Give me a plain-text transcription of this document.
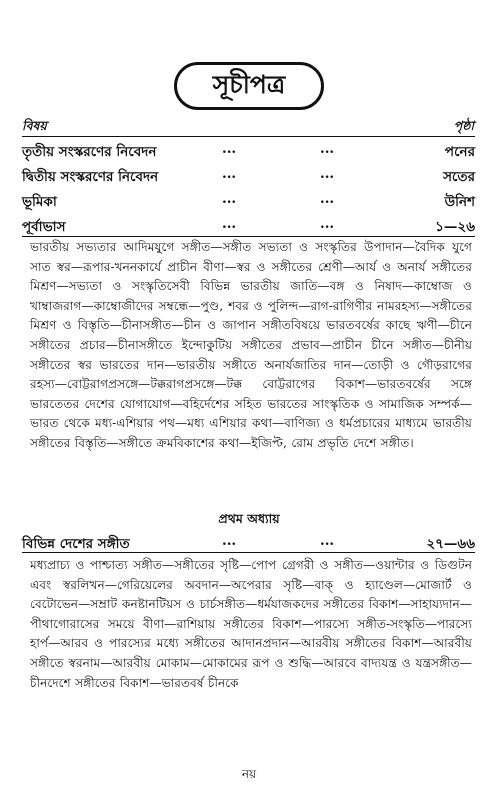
সূচীপত্র
বিষয়	পৃষ্ঠা
তৃতীয় সংস্করণের নিবেদন	...	...	পনের
দ্বিতীয় সংস্করণের নিবেদন	...	...	সতের
ভূমিকা	...	...	উনিশ
পূর্বাভাস	...	...	১—২৬
ভারতীয় সভ্যতার আদিমযুগে সঙ্গীত—সঙ্গীত সভ্যতা ও সংস্কৃতির উপাদান—বৈদিক যুগে সাত স্বর—রূপার-খননকার্যে প্রাচীন বীণা—স্বর ও সঙ্গীতের শ্রেণী—আর্য ও অনার্য সঙ্গীতের মিশ্রণ—সভ্যতা ও সংস্কৃতিসেবী বিভিন্ন ভারতীয় জাতি—বঙ্গ ও নিষাদ—কাম্বোজ ও খাম্বাজরাগ—কাম্বোজীদের সম্বন্ধে—পুণ্ড, শবর ও পুলিন্দ—রাগ-রাগিণীর নামরহস্য—সঙ্গীতের মিশ্রণ ও বিস্তৃতি—চীনাসঙ্গীত—চীন ও জাপান সঙ্গীতবিষয়ে ভারতবর্ষের কাছে ঋণী—চীনে সঙ্গীতের প্রচার—চীনাসঙ্গীতে ইন্দোকুটিয় সঙ্গীতের প্রভাব—প্রাচীন চীনে সঙ্গীত—চীনীয় সঙ্গীতের স্বর ভারতের দান—ভারতীয় সঙ্গীতে অনার্যজাতির দান—তোড়ী ও গৌড়রাগের রহস্য—বোট্টরাগপ্রসঙ্গে—টক্করাগপ্রসঙ্গে—টক্ক বোট্টরাগের বিকাশ—ভারতবর্ষের সঙ্গে ভারতেতর দেশের যোগাযোগ—বহির্দেশের সহিত ভারতের সাংস্কৃতিক ও সামাজিক সম্পর্ক—ভারত থেকে মধ্য-এশিয়ার পথ—মধ্য এশিয়ার কথা—বাণিজ্য ও ধর্মপ্রচারের মাধ্যমে ভারতীয় সঙ্গীতের বিস্তৃতি—সঙ্গীতে ক্রমবিকাশের কথা—ইজিপ্ট, রোম প্রভৃতি দেশে সঙ্গীত।
প্রথম অধ্যায়
বিভিন্ন দেশের সঙ্গীত	...	...	২৭—৬৬
মধ্যপ্রাচ্য ও পাশ্চাত্য সঙ্গীত—সঙ্গীতের সৃষ্টি—পোপ গ্রেগরী ও সঙ্গীত—ওয়ান্টার ও ডিগুটন এবং স্বরলিখন—গেরিয়েলের অবদান—অপেরার সৃষ্টি—বাক্ ও হ্যাণ্ডেল—মোজার্ট ও বেটোভেন—সম্রাট কনষ্টানটিয়স ও চার্চসঙ্গীত—ধর্মযাজকদের সঙ্গীতের বিকাশ—সাহায্যদান—পীথাগোরাসের সময়ে বীণা—রাশিয়ায় সঙ্গীতের বিকাশ—পারস্যে সঙ্গীত-সংস্কৃতি—পারস্যে হার্প—আরব ও পারস্যের মধ্যে সঙ্গীতের আদানপ্রদান—আরবীয় সঙ্গীতের বিকাশ—আরবীয় সঙ্গীতে স্বরনাম—আরবীয় মোকাম—মোকামের রূপ ও শুদ্ধি—আরবে বাদ্যযন্ত্র ও যন্ত্রসঙ্গীত—চীনদেশে সঙ্গীতের বিকাশ—ভারতবর্ষ চীনকে
নয়
